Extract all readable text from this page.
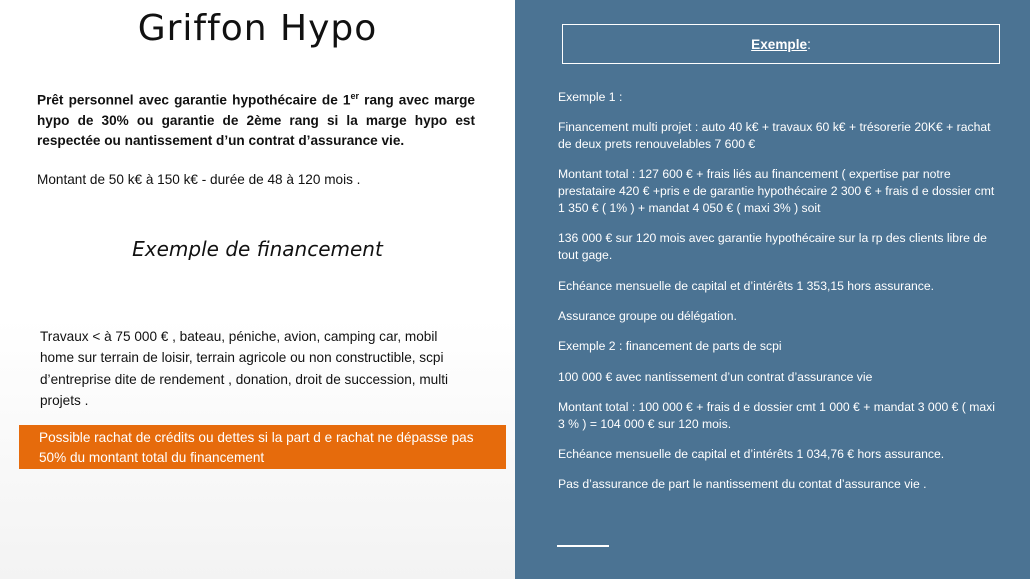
Griffon Hypo
Prêt personnel avec garantie hypothécaire de 1er rang avec marge hypo de 30% ou garantie de 2ème rang si la marge hypo est respectée ou nantissement d’un contrat d’assurance vie.
Montant de 50 k€ à 150 k€ - durée de 48 à 120 mois .
Exemple de financement
Travaux < à 75 000 € , bateau, péniche, avion, camping car, mobil home sur terrain de loisir, terrain agricole ou non constructible, scpi d’entreprise dite de rendement , donation, droit de succession, multi projets .
Possible rachat de crédits ou dettes si la part d e rachat ne dépasse pas 50% du montant total du financement
Exemple :

Exemple 1 :

Financement multi projet : auto 40 k€ + travaux 60 k€ + trésorerie 20K€ + rachat de deux prets renouvelables 7 600 €

Montant total : 127 600 € + frais liés au financement ( expertise par notre prestataire 420 € +pris e de garantie hypothécaire 2 300 € + frais d e dossier cmt 1 350 € ( 1% ) + mandat 4 050 € ( maxi 3% ) soit

136 000 € sur 120 mois avec garantie hypothécaire sur la rp des clients libre de tout gage.

Echéance mensuelle de capital et d’intérêts 1 353,15 hors assurance.

Assurance groupe ou délégation.

Exemple 2 : financement de parts de scpi

100 000 € avec nantissement d’un contrat d’assurance vie

Montant total : 100 000 € + frais d e dossier cmt 1 000 € + mandat 3 000 € ( maxi 3 % ) = 104 000 € sur 120 mois.

Echéance mensuelle de capital et d’intérêts 1 034,76 € hors assurance.

Pas d’assurance de part le nantissement du contat d’assurance vie .
